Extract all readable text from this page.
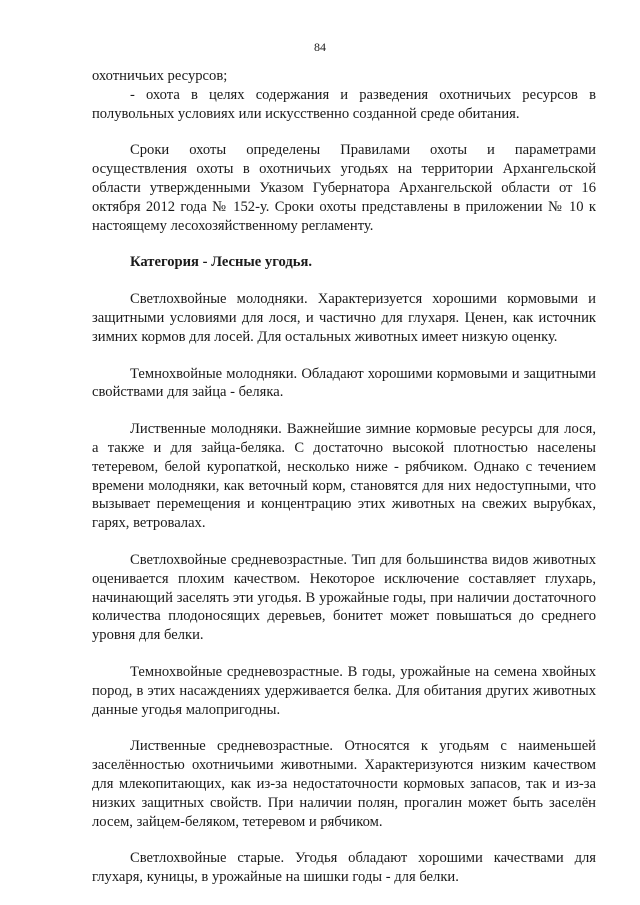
84

охотничьих ресурсов;

- охота в целях содержания и разведения охотничьих ресурсов в полувольных условиях или искусственно созданной среде обитания.

Сроки охоты определены Правилами охоты и параметрами осуществления охоты в охотничьих угодьях на территории Архангельской области утвержденными Указом Губернатора Архангельской области от 16 октября 2012 года № 152-у. Сроки охоты представлены в приложении № 10 к настоящему лесохозяйственному регламенту.

Категория - Лесные угодья.

Светлохвойные молодняки. Характеризуется хорошими кормовыми и защитными условиями для лося, и частично для глухаря. Ценен, как источник зимних кормов для лосей. Для остальных животных имеет низкую оценку.

Темнохвойные молодняки. Обладают хорошими кормовыми и защитными свойствами для зайца - беляка.

Лиственные молодняки. Важнейшие зимние кормовые ресурсы для лося, а также и для зайца-беляка. С достаточно высокой плотностью населены тетеревом, белой куропаткой, несколько ниже - рябчиком. Однако с течением времени молодняки, как веточный корм, становятся для них недоступными, что вызывает перемещения и концентрацию этих животных на свежих вырубках, гарях, ветровалах.

Светлохвойные средневозрастные. Тип для большинства видов животных оценивается плохим качеством. Некоторое исключение составляет глухарь, начинающий заселять эти угодья. В урожайные годы, при наличии достаточного количества плодоносящих деревьев, бонитет может повышаться до среднего уровня для белки.

Темнохвойные средневозрастные. В годы, урожайные на семена хвойных пород, в этих насаждениях удерживается белка. Для обитания других животных данные угодья малопригодны.

Лиственные средневозрастные. Относятся к угодьям с наименьшей заселённостью охотничьими животными. Характеризуются низким качеством для млекопитающих, как из-за недостаточности кормовых запасов, так и из-за низких защитных свойств. При наличии полян, прогалин может быть заселён лосем, зайцем-беляком, тетеревом и рябчиком.

Светлохвойные старые. Угодья обладают хорошими качествами для глухаря, куницы, в урожайные на шишки годы - для белки.
